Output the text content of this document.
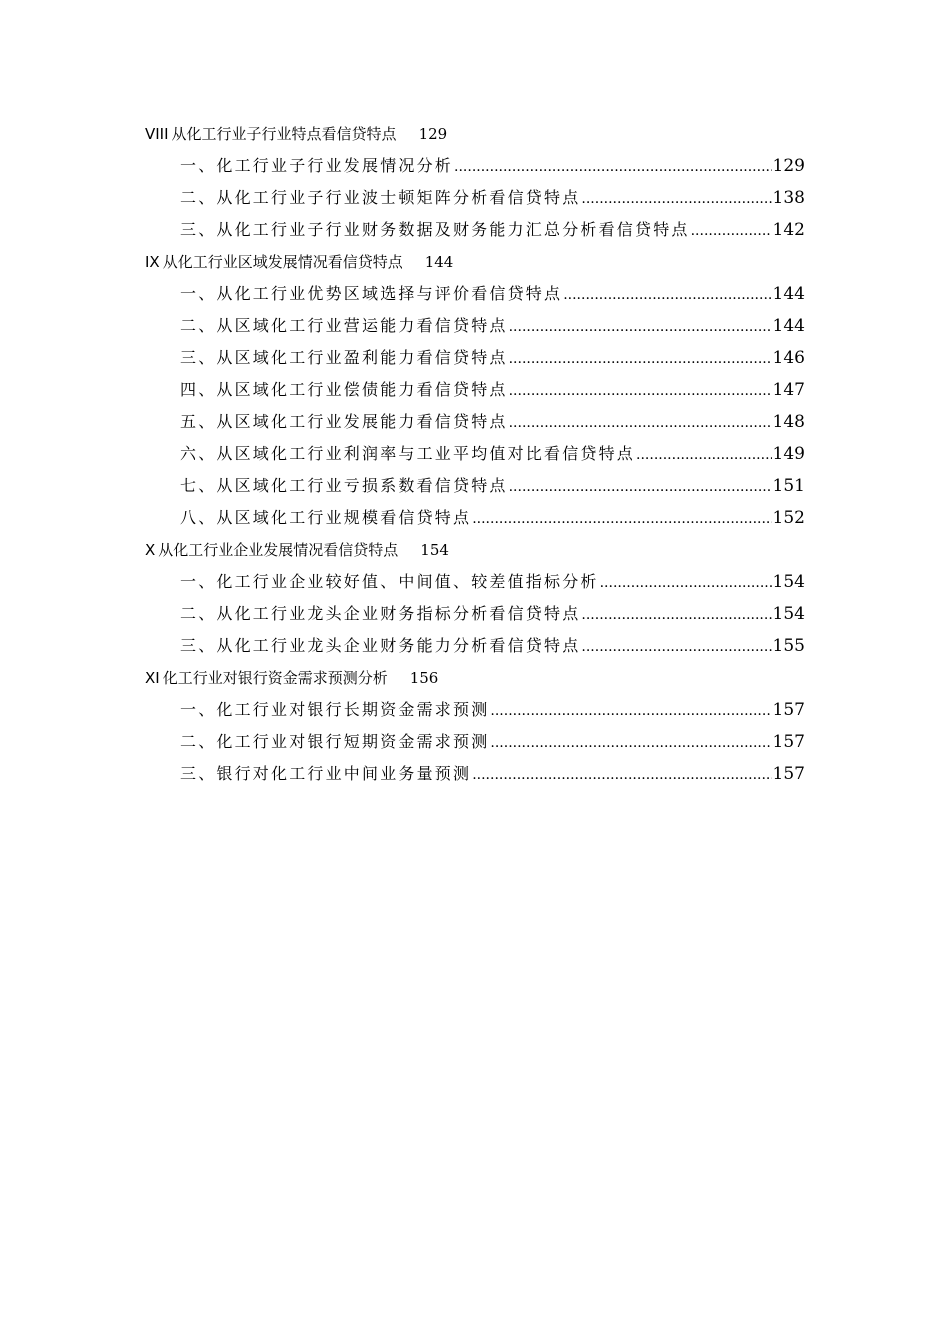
VIII 从化工行业子行业特点看信贷特点 129
一、化工行业子行业发展情况分析 .....	129
二、从化工行业子行业波士顿矩阵分析看信贷特点 .....	138
三、从化工行业子行业财务数据及财务能力汇总分析看信贷特点 .....	142
IX 从化工行业区域发展情况看信贷特点 144
一、从化工行业优势区域选择与评价看信贷特点 .....	144
二、从区域化工行业营运能力看信贷特点 .....	144
三、从区域化工行业盈利能力看信贷特点 .....	146
四、从区域化工行业偿债能力看信贷特点 .....	147
五、从区域化工行业发展能力看信贷特点 .....	148
六、从区域化工行业利润率与工业平均值对比看信贷特点 .....	149
七、从区域化工行业亏损系数看信贷特点 .....	151
八、从区域化工行业规模看信贷特点 .....	152
X 从化工行业企业发展情况看信贷特点 154
一、化工行业企业较好值、中间值、较差值指标分析 .....	154
二、从化工行业龙头企业财务指标分析看信贷特点 .....	154
三、从化工行业龙头企业财务能力分析看信贷特点 .....	155
XI 化工行业对银行资金需求预测分析 156
一、化工行业对银行长期资金需求预测 .....	157
二、化工行业对银行短期资金需求预测 .....	157
三、银行对化工行业中间业务量预测 .....	157
